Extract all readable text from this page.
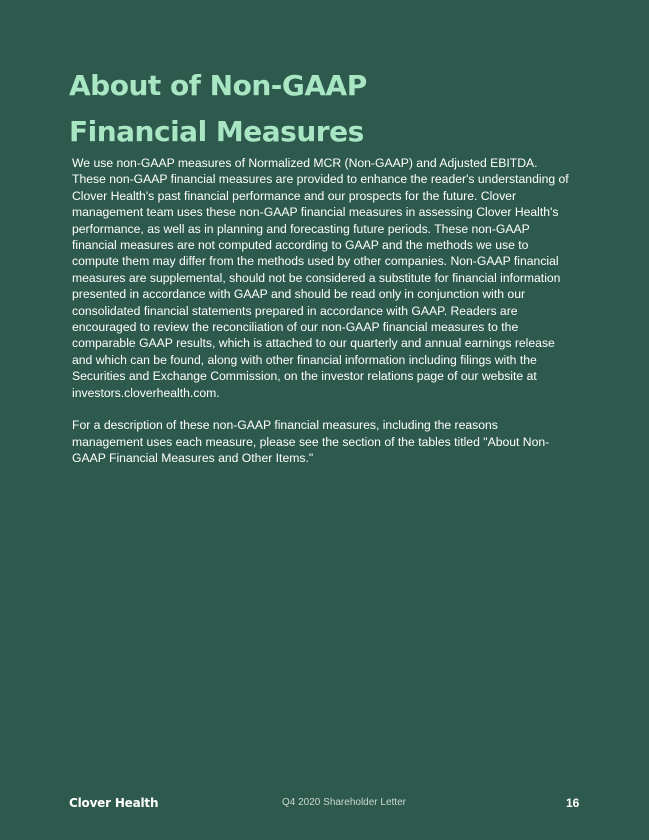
About of Non-GAAP
Financial Measures

We use non-GAAP measures of Normalized MCR (Non-GAAP) and Adjusted EBITDA. These non-GAAP financial measures are provided to enhance the reader's understanding of Clover Health's past financial performance and our prospects for the future. Clover management team uses these non-GAAP financial measures in assessing Clover Health's performance, as well as in planning and forecasting future periods. These non-GAAP financial measures are not computed according to GAAP and the methods we use to compute them may differ from the methods used by other companies. Non-GAAP financial measures are supplemental, should not be considered a substitute for financial information presented in accordance with GAAP and should be read only in conjunction with our consolidated financial statements prepared in accordance with GAAP. Readers are encouraged to review the reconciliation of our non-GAAP financial measures to the comparable GAAP results, which is attached to our quarterly and annual earnings release and which can be found, along with other financial information including filings with the Securities and Exchange Commission, on the investor relations page of our website at investors.cloverhealth.com.

For a description of these non-GAAP financial measures, including the reasons management uses each measure, please see the section of the tables titled "About Non-GAAP Financial Measures and Other Items."

Clover Health	Q4 2020 Shareholder Letter	16
